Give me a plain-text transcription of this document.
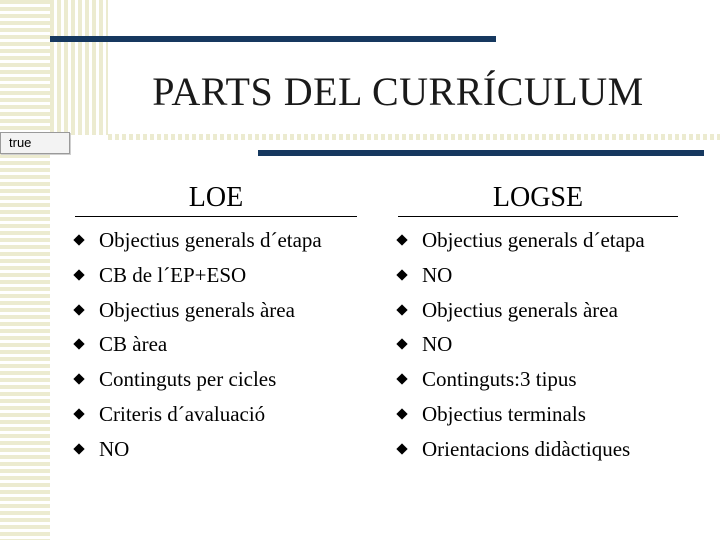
true
PARTS DEL CURRÍCULUM
LOE
Objectius generals d´etapa
CB de l´EP+ESO
Objectius generals àrea
CB àrea
Continguts per cicles
Criteris d´avaluació
NO
LOGSE
Objectius generals d´etapa
NO
Objectius generals àrea
NO
Continguts:3 tipus
Objectius terminals
Orientacions didàctiques
